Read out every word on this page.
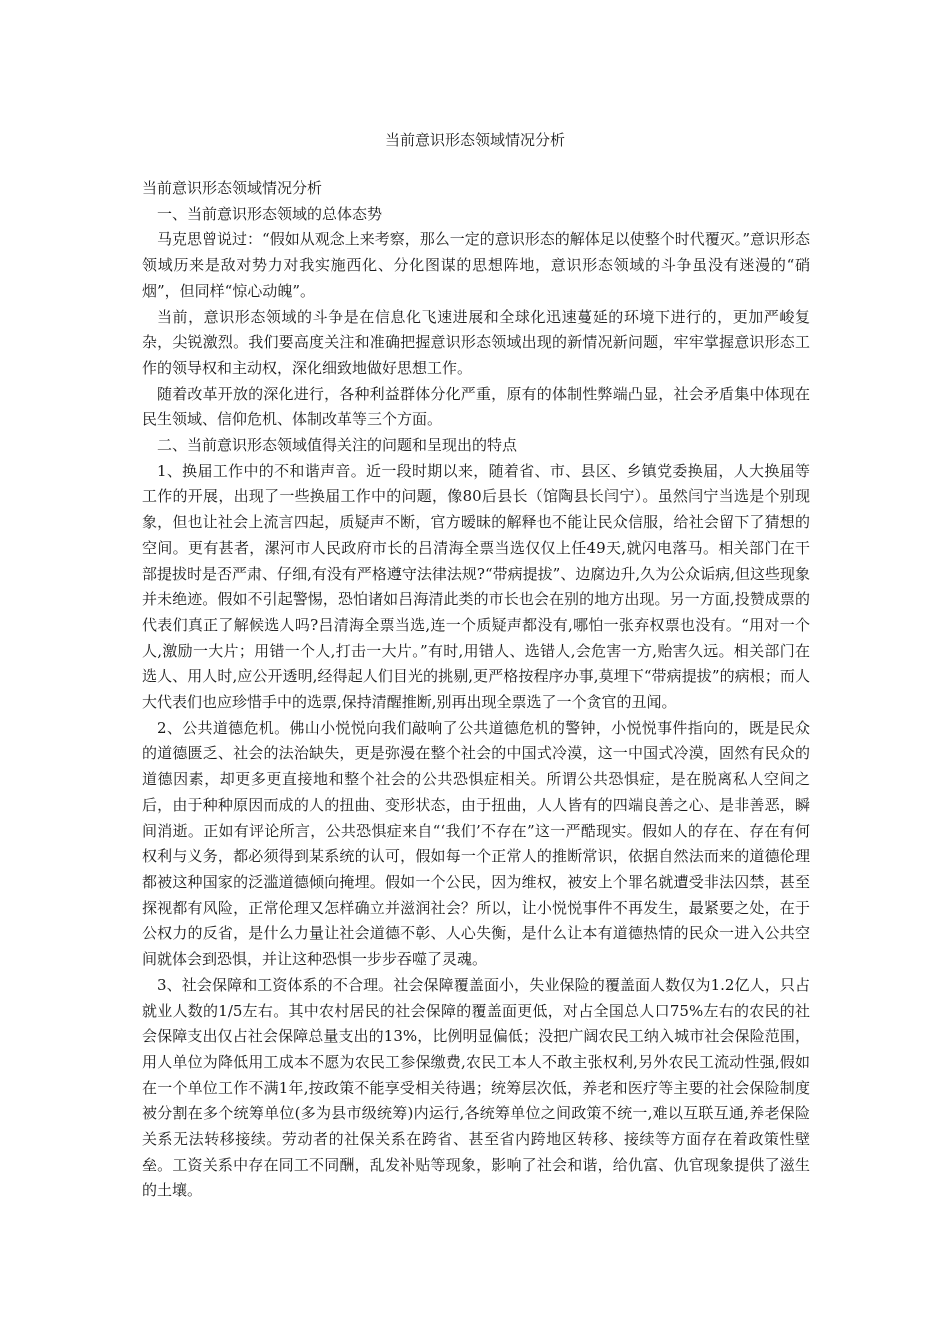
当前意识形态领域情况分析

当前意识形态领域情况分析

一、当前意识形态领域的总体态势

马克思曾说过：“假如从观念上来考察，那么一定的意识形态的解体足以使整个时代覆灭。”意识形态领域历来是敌对势力对我实施西化、分化图谋的思想阵地，意识形态领域的斗争虽没有迷漫的“硝烟”，但同样“惊心动魄”。

当前，意识形态领域的斗争是在信息化飞速进展和全球化迅速蔓延的环境下进行的，更加严峻复杂，尖锐激烈。我们要高度关注和准确把握意识形态领域出现的新情况新问题，牢牢掌握意识形态工作的领导权和主动权，深化细致地做好思想工作。

随着改革开放的深化进行，各种利益群体分化严重，原有的体制性弊端凸显，社会矛盾集中体现在民生领域、信仰危机、体制改革等三个方面。

二、当前意识形态领域值得关注的问题和呈现出的特点

1、换届工作中的不和谐声音。近一段时期以来，随着省、市、县区、乡镇党委换届，人大换届等工作的开展，出现了一些换届工作中的问题，像80后县长（馆陶县长闫宁）。虽然闫宁当选是个别现象，但也让社会上流言四起，质疑声不断，官方暧昧的解释也不能让民众信服，给社会留下了猜想的空间。更有甚者，漯河市人民政府市长的吕清海全票当选仅仅上任49天,就闪电落马。相关部门在干部提拔时是否严肃、仔细,有没有严格遵守法律法规?“带病提拔”、边腐边升,久为公众诟病,但这些现象并未绝迹。假如不引起警惕，恐怕诸如吕海清此类的市长也会在别的地方出现。另一方面,投赞成票的代表们真正了解候选人吗?吕清海全票当选,连一个质疑声都没有,哪怕一张弃权票也没有。“用对一个人,激励一大片；用错一个人,打击一大片。”有时,用错人、选错人,会危害一方,贻害久远。相关部门在选人、用人时,应公开透明,经得起人们目光的挑剔,更严格按程序办事,莫埋下“带病提拔”的病根；而人大代表们也应珍惜手中的选票,保持清醒推断,别再出现全票选了一个贪官的丑闻。

2、公共道德危机。佛山小悦悦向我们敲响了公共道德危机的警钟，小悦悦事件指向的，既是民众的道德匮乏、社会的法治缺失，更是弥漫在整个社会的中国式冷漠，这一中国式冷漠，固然有民众的道德因素，却更多更直接地和整个社会的公共恐惧症相关。所谓公共恐惧症，是在脱离私人空间之后，由于种种原因而成的人的扭曲、变形状态，由于扭曲，人人皆有的四端良善之心、是非善恶，瞬间消逝。正如有评论所言，公共恐惧症来自“‘我们’不存在”这一严酷现实。假如人的存在、存在有何权利与义务，都必须得到某系统的认可，假如每一个正常人的推断常识，依据自然法而来的道德伦理都被这种国家的泛滥道德倾向掩埋。假如一个公民，因为维权，被安上个罪名就遭受非法囚禁，甚至探视都有风险，正常伦理又怎样确立并滋润社会？所以，让小悦悦事件不再发生，最紧要之处，在于公权力的反省，是什么力量让社会道德不彰、人心失衡，是什么让本有道德热情的民众一进入公共空间就体会到恐惧，并让这种恐惧一步步吞噬了灵魂。

3、社会保障和工资体系的不合理。社会保障覆盖面小，失业保险的覆盖面人数仅为1.2亿人，只占就业人数的1/5左右。其中农村居民的社会保障的覆盖面更低，对占全国总人口75%左右的农民的社会保障支出仅占社会保障总量支出的13%，比例明显偏低；没把广阔农民工纳入城市社会保险范围，用人单位为降低用工成本不愿为农民工参保缴费,农民工本人不敢主张权利,另外农民工流动性强,假如在一个单位工作不满1年,按政策不能享受相关待遇；统筹层次低，养老和医疗等主要的社会保险制度被分割在多个统筹单位(多为县市级统筹)内运行,各统筹单位之间政策不统一,难以互联互通,养老保险关系无法转移接续。劳动者的社保关系在跨省、甚至省内跨地区转移、接续等方面存在着政策性壁垒。工资关系中存在同工不同酬，乱发补贴等现象，影响了社会和谐，给仇富、仇官现象提供了滋生的土壤。
